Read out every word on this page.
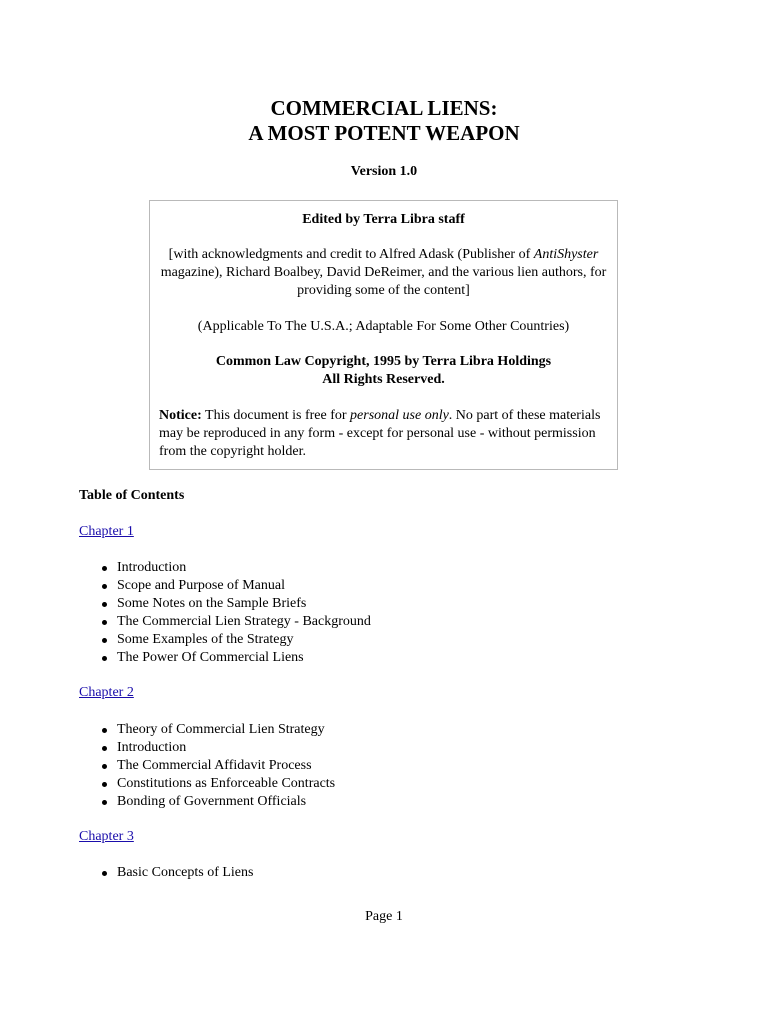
COMMERCIAL LIENS:
A MOST POTENT WEAPON
Version 1.0
Edited by Terra Libra staff
[with acknowledgments and credit to Alfred Adask (Publisher of AntiShyster magazine), Richard Boalbey, David DeReimer, and the various lien authors, for providing some of the content]
(Applicable To The U.S.A.; Adaptable For Some Other Countries)
Common Law Copyright, 1995 by Terra Libra Holdings
All Rights Reserved.
Notice: This document is free for personal use only. No part of these materials may be reproduced in any form - except for personal use - without permission from the copyright holder.
Table of Contents
Chapter 1
Introduction
Scope and Purpose of Manual
Some Notes on the Sample Briefs
The Commercial Lien Strategy - Background
Some Examples of the Strategy
The Power Of Commercial Liens
Chapter 2
Theory of Commercial Lien Strategy
Introduction
The Commercial Affidavit Process
Constitutions as Enforceable Contracts
Bonding of Government Officials
Chapter 3
Basic Concepts of Liens
Page 1
